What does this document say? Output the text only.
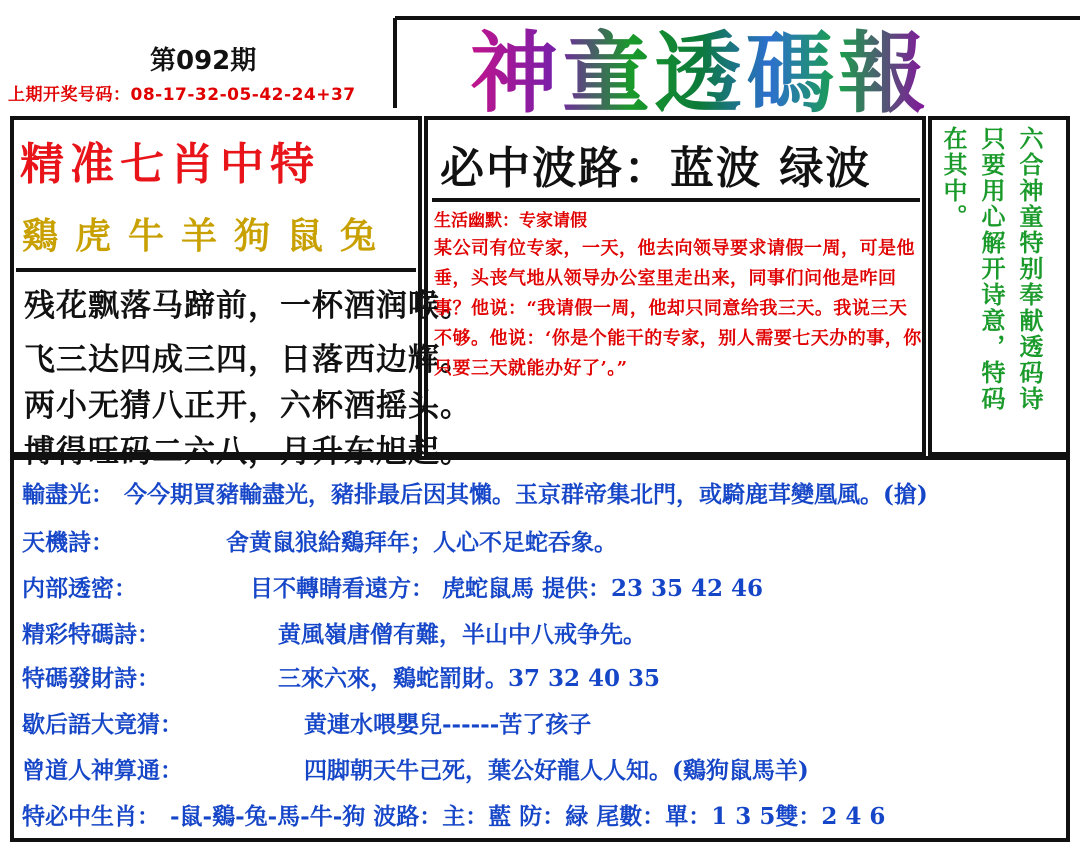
第092期
上期开奖号码：08-17-32-05-42-24+37 神童透碼報
精准七肖中特
鷄虎牛羊狗鼠兔
残花飘落马蹄前，一杯酒润喉。
飞三达四成三四，日落西边辉。
两小无猜八正开，六杯酒摇头。
博得旺码二六八，月升东旭起。
必中波路：蓝波 绿波
生活幽默：专家请假
某公司有位专家，一天，他去向领导要求请假一周，可是他垂，头丧气地从领导办公室里走出来，同事们问他是咋回事？他说：“我请假一周，他却只同意给我三天。我说三天不够。他说：‘你是个能干的专家，别人需要七天办的事，你只要三天就能办好了’。”	六合神童特别奉献透码诗
只要用心解开诗意，特码
在其中。
輸盡光： 今今期買豬輸盡光，豬排最后因其懶。玉京群帝集北門，或騎鹿茸變凰風。(搶)
天機詩：	舍黄鼠狼給鷄拜年；人心不足蛇吞象。
内部透密：	目不轉睛看遠方： 虎蛇鼠馬 提供：23 35 42 46
精彩特碼詩：	黄風嶺唐僧有難，半山中八戒争先。
特碼發財詩：	三來六來，鷄蛇罰財。37 32 40 35
歇后語大竟猜：	黄連水喂嬰兒------苦了孩子
曾道人神算通：	四脚朝天牛己死，葉公好龍人人知。(鷄狗鼠馬羊)
特必中生肖： -鼠-鷄-兔-馬-牛-狗 波路：主：藍 防：緑 尾數：單：1 3 5雙：2 4 6
